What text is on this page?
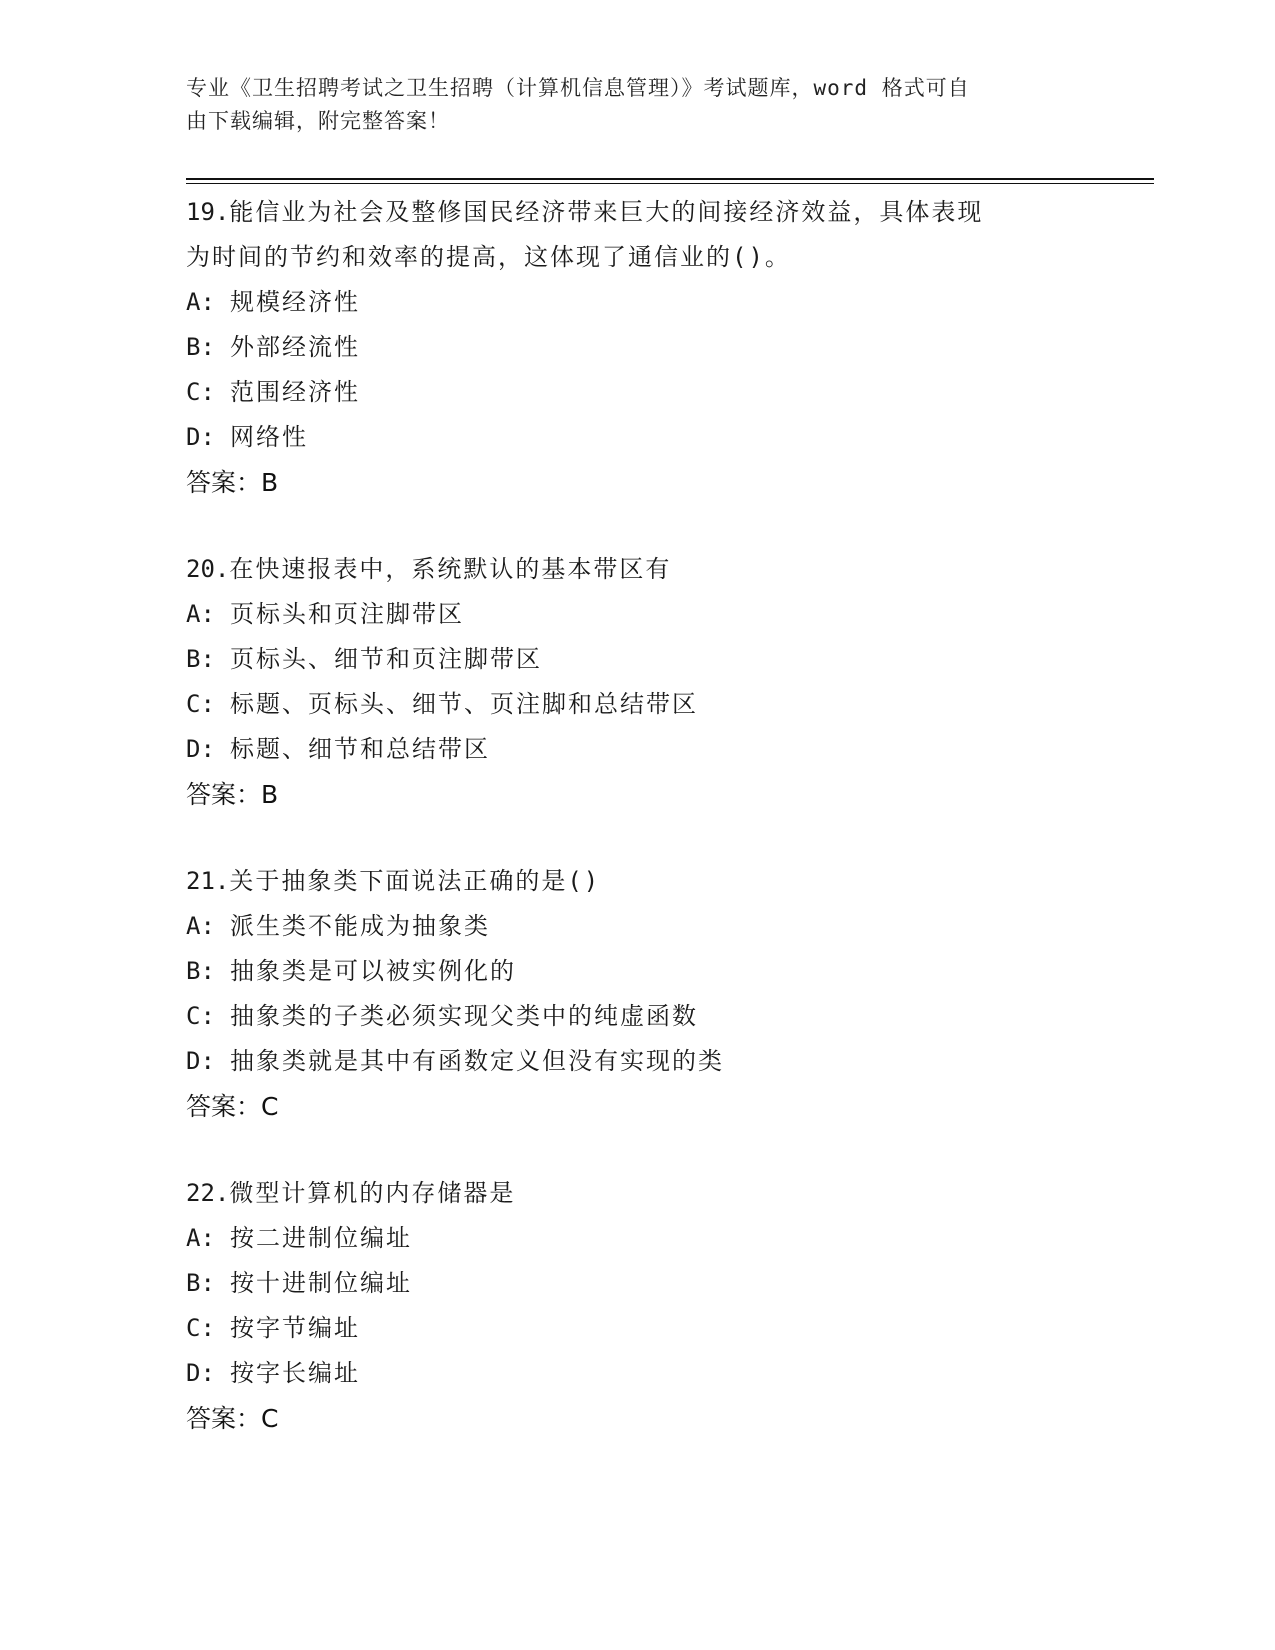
专业《卫生招聘考试之卫生招聘（计算机信息管理）》考试题库，word 格式可自
由下载编辑，附完整答案！
19.能信业为社会及整修国民经济带来巨大的间接经济效益，具体表现
为时间的节约和效率的提高，这体现了通信业的()。
A: 规模经济性
B: 外部经流性
C: 范围经济性
D: 网络性
答案：B
20.在快速报表中，系统默认的基本带区有
A: 页标头和页注脚带区
B: 页标头、细节和页注脚带区
C: 标题、页标头、细节、页注脚和总结带区
D: 标题、细节和总结带区
答案：B
21.关于抽象类下面说法正确的是()
A: 派生类不能成为抽象类
B: 抽象类是可以被实例化的
C: 抽象类的子类必须实现父类中的纯虚函数
D: 抽象类就是其中有函数定义但没有实现的类
答案：C
22.微型计算机的内存储器是
A: 按二进制位编址
B: 按十进制位编址
C: 按字节编址
D: 按字长编址
答案：C
